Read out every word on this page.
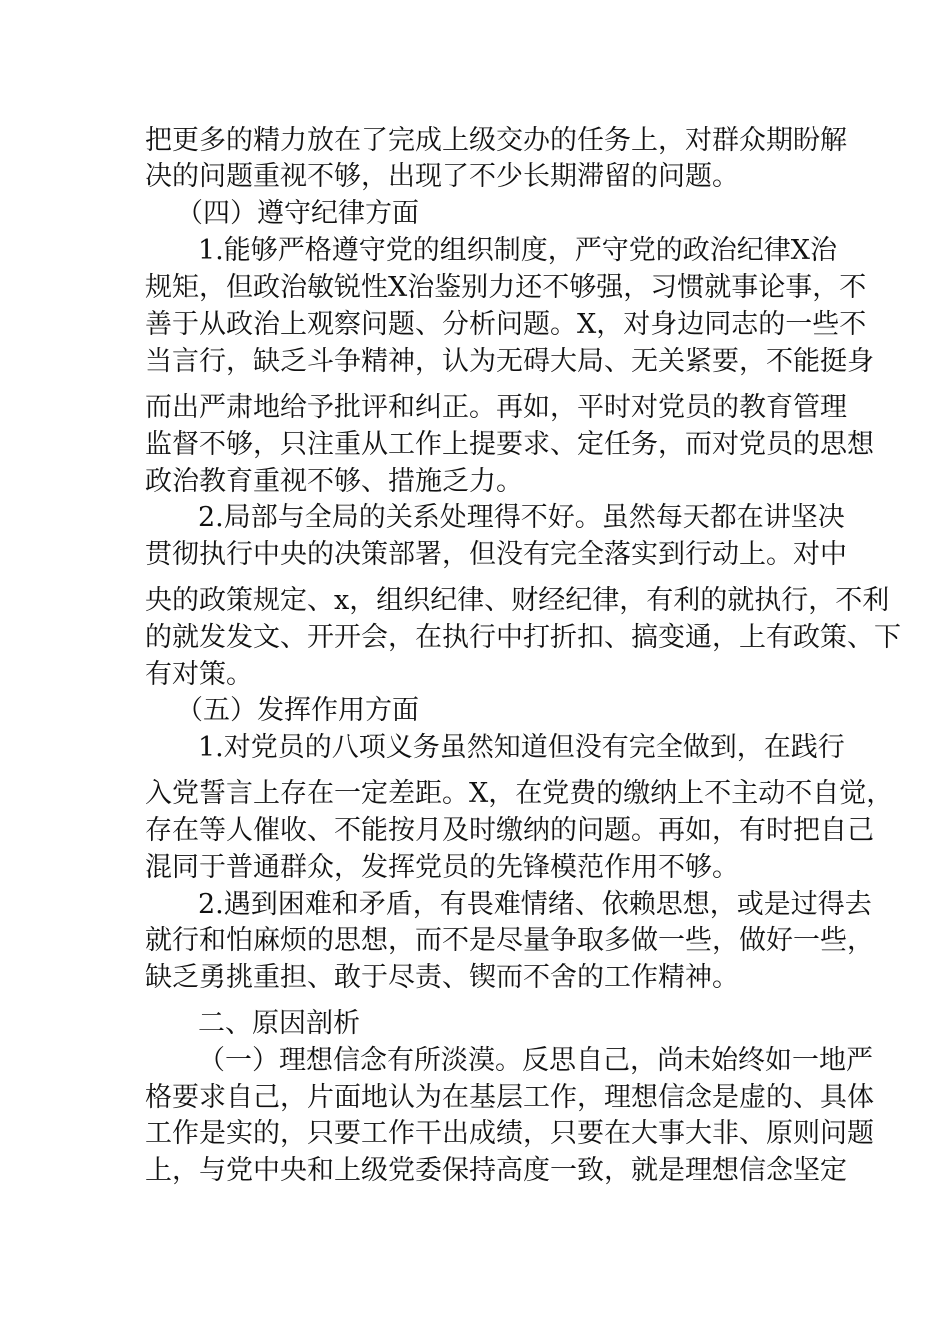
把更多的精力放在了完成上级交办的任务上，对群众期盼解
决的问题重视不够，出现了不少长期滞留的问题。
（四）遵守纪律方面
1.能够严格遵守党的组织制度，严守党的政治纪律X治
规矩，但政治敏锐性X治鉴别力还不够强，习惯就事论事，不
善于从政治上观察问题、分析问题。X，对身边同志的一些不
当言行，缺乏斗争精神，认为无碍大局、无关紧要，不能挺身
而出严肃地给予批评和纠正。再如，平时对党员的教育管理
监督不够，只注重从工作上提要求、定任务，而对党员的思想
政治教育重视不够、措施乏力。
2.局部与全局的关系处理得不好。虽然每天都在讲坚决
贯彻执行中央的决策部署，但没有完全落实到行动上。对中
央的政策规定、x，组织纪律、财经纪律，有利的就执行，不利
的就发发文、开开会，在执行中打折扣、搞变通，上有政策、下
有对策。
（五）发挥作用方面
1.对党员的八项义务虽然知道但没有完全做到，在践行
入党誓言上存在一定差距。X，在党费的缴纳上不主动不自觉，
存在等人催收、不能按月及时缴纳的问题。再如，有时把自己
混同于普通群众，发挥党员的先锋模范作用不够。
2.遇到困难和矛盾，有畏难情绪、依赖思想，或是过得去
就行和怕麻烦的思想，而不是尽量争取多做一些，做好一些，
缺乏勇挑重担、敢于尽责、锲而不舍的工作精神。
二、原因剖析
（一）理想信念有所淡漠。反思自己，尚未始终如一地严
格要求自己，片面地认为在基层工作，理想信念是虚的、具体
工作是实的，只要工作干出成绩，只要在大事大非、原则问题
上，与党中央和上级党委保持高度一致，就是理想信念坚定
